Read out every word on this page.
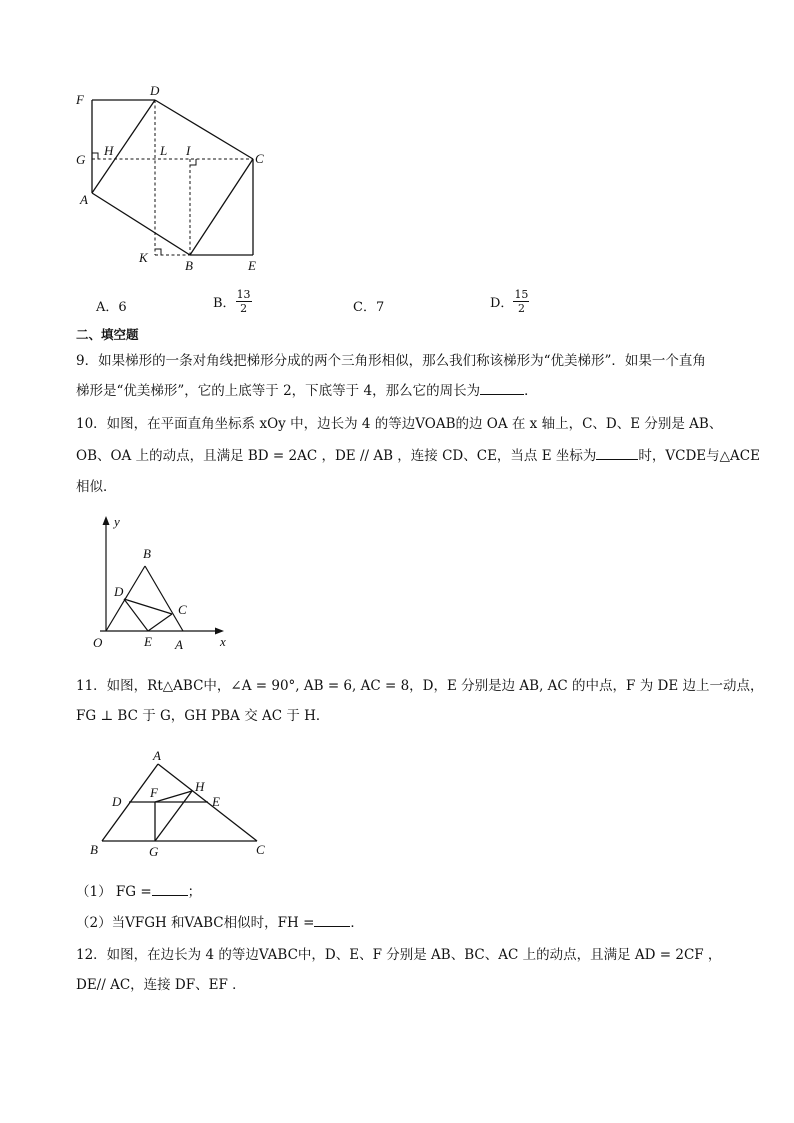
F
D
G
H	L I
C
A
K
B	E
A．6	B． $\frac{13}{2}$	C．7	D． $\frac{15}{2}$
二、填空题
9．如果梯形的一条对角线把梯形分成的两个三角形相似，那么我们称该梯形为“优美梯形”．如果一个直角
梯形是“优美梯形”，它的上底等于 2，下底等于 4，那么它的周长为	．
10．如图，在平面直角坐标系 xOy 中，边长为 4 的等边VOAB的边 OA 在 x 轴上，C、D、E 分别是 AB、
OB、OA 上的动点，且满足 BD = 2AC ，DE // AB ，连接 CD、CE，当点 E 坐标为	时，VCDE与△ACE
相似．
y
B
D
C
O	E A	x
11．如图，Rt△ABC中，∠A = 90°, AB = 6, AC = 8，D，E 分别是边 AB, AC 的中点，F 为 DE 边上一动点，
FG ⊥ BC 于 G，GH PBA 交 AC 于 H．
A
D
F	H
E
B	G	C
（1） FG =	；
（2）当VFGH 和VABC相似时，FH =	．
12．如图，在边长为 4 的等边VABC中，D、E、F 分别是 AB、BC、AC 上的动点，且满足 AD = 2CF ，
DE// AC，连接 DF、EF ．
